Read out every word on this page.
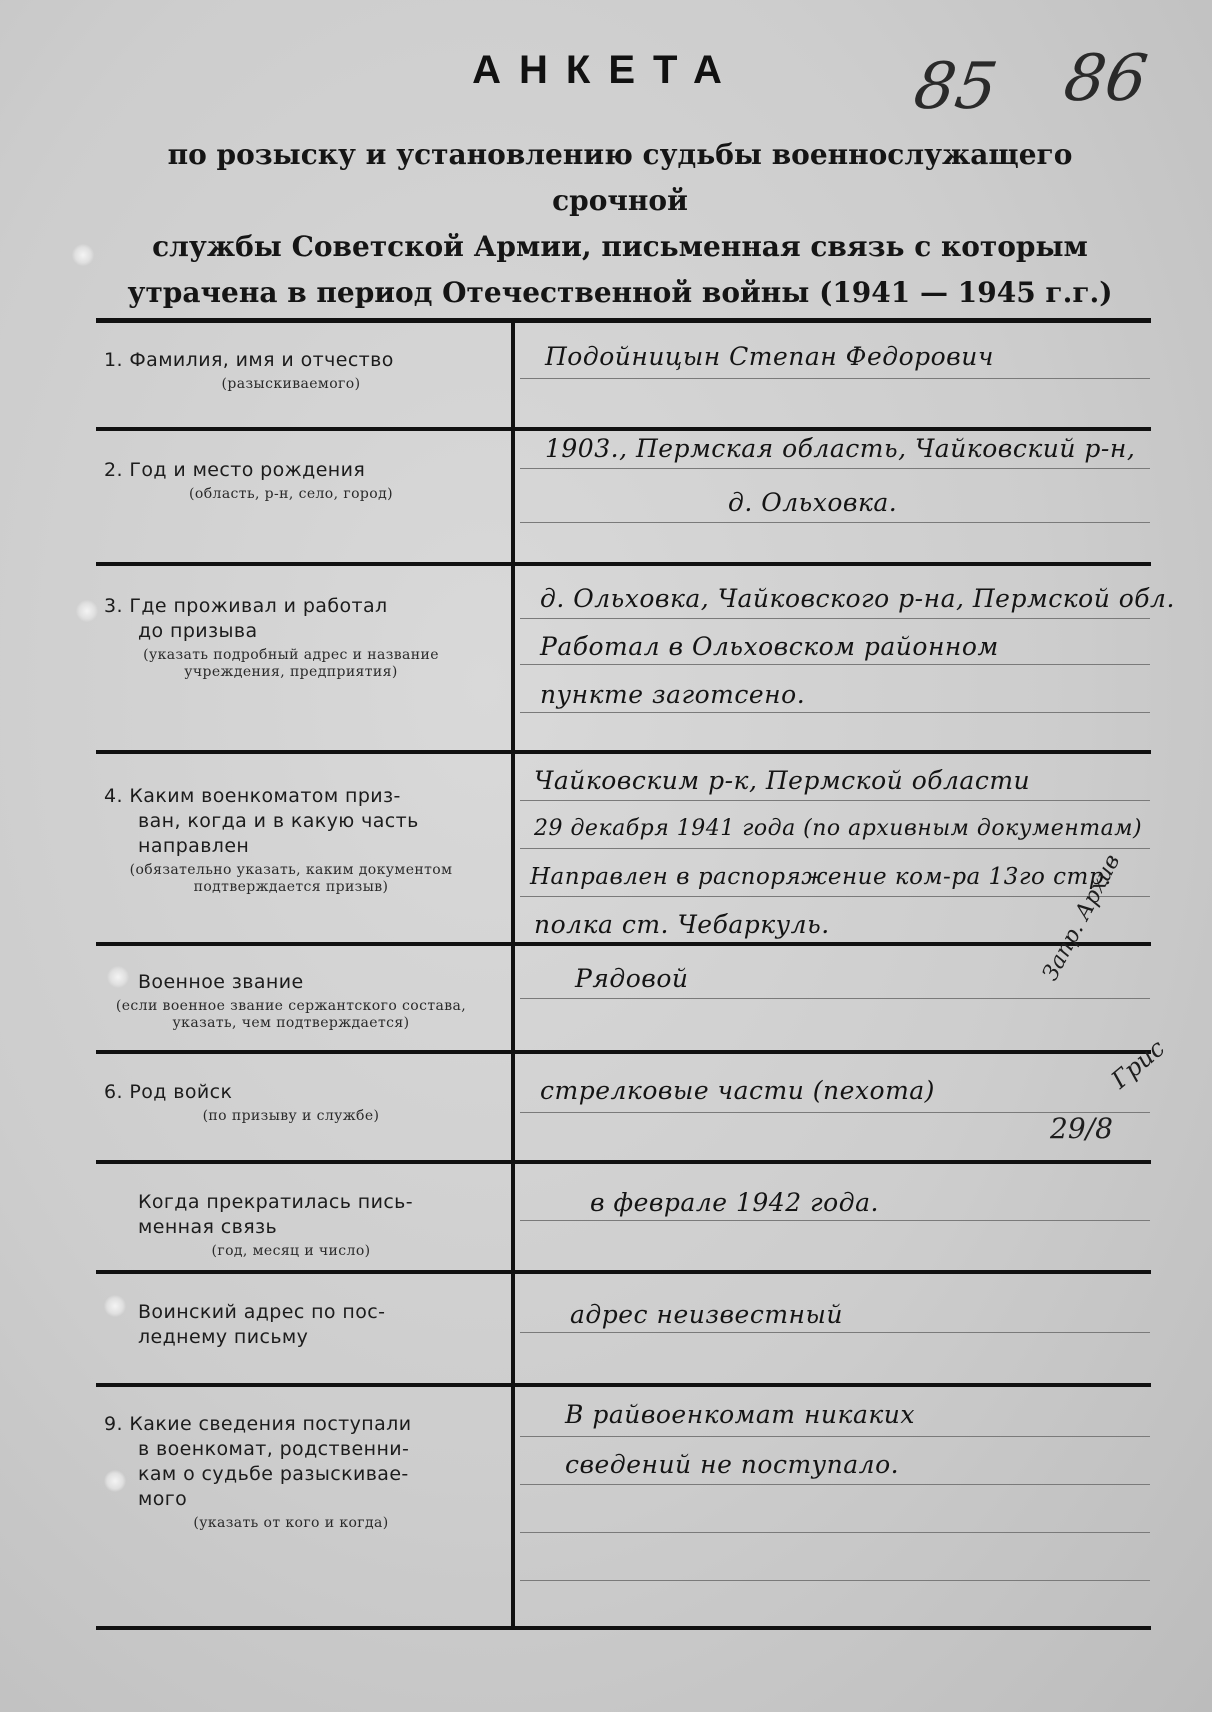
АНКЕТА
по розыску и установлению судьбы военнослужащего срочной
службы Советской Армии, письменная связь с которым
утрачена в период Отечественной войны (1941 — 1945 г.г.)
85 86
1. Фамилия, имя и отчество
(разыскиваемого)
Подойницын Степан Федорович
2. Год и место рождения
(область, р-н, село, город)
1903., Пермская область, Чайковский р-н,
д. Ольховка.
3. Где проживал и работал
до призыва
(указать подробный адрес и название учреждения, предприятия)
д. Ольховка, Чайковского р-на, Пермской обл.
Работал в Ольховском районном
пункте заготсено.
4. Каким военкоматом приз-
ван, когда и в какую часть
направлен
(обязательно указать, каким документом подтверждается призыв)
Чайковским р-к, Пермской области
29 декабря 1941 года (по архивным документам)
Направлен в распоряжение ком-ра 13го стр.
полка ст. Чебаркуль.
Военное звание
(если военное звание сержантского состава, указать, чем подтверждается)
Рядовой
6. Род войск
(по призыву и службе)
стрелковые части (пехота)
Когда прекратилась пись-
менная связь
(год, месяц и число)
в феврале 1942 года.
Воинский адрес по пос-
леднему письму
адрес неизвестный
9. Какие сведения поступали
в военкомат, родственни-
кам о судьбе разыскивае-
мого
(указать от кого и когда)
В райвоенкомат никаких
сведений не поступало.
Запр. Архив
Грис
29/8
